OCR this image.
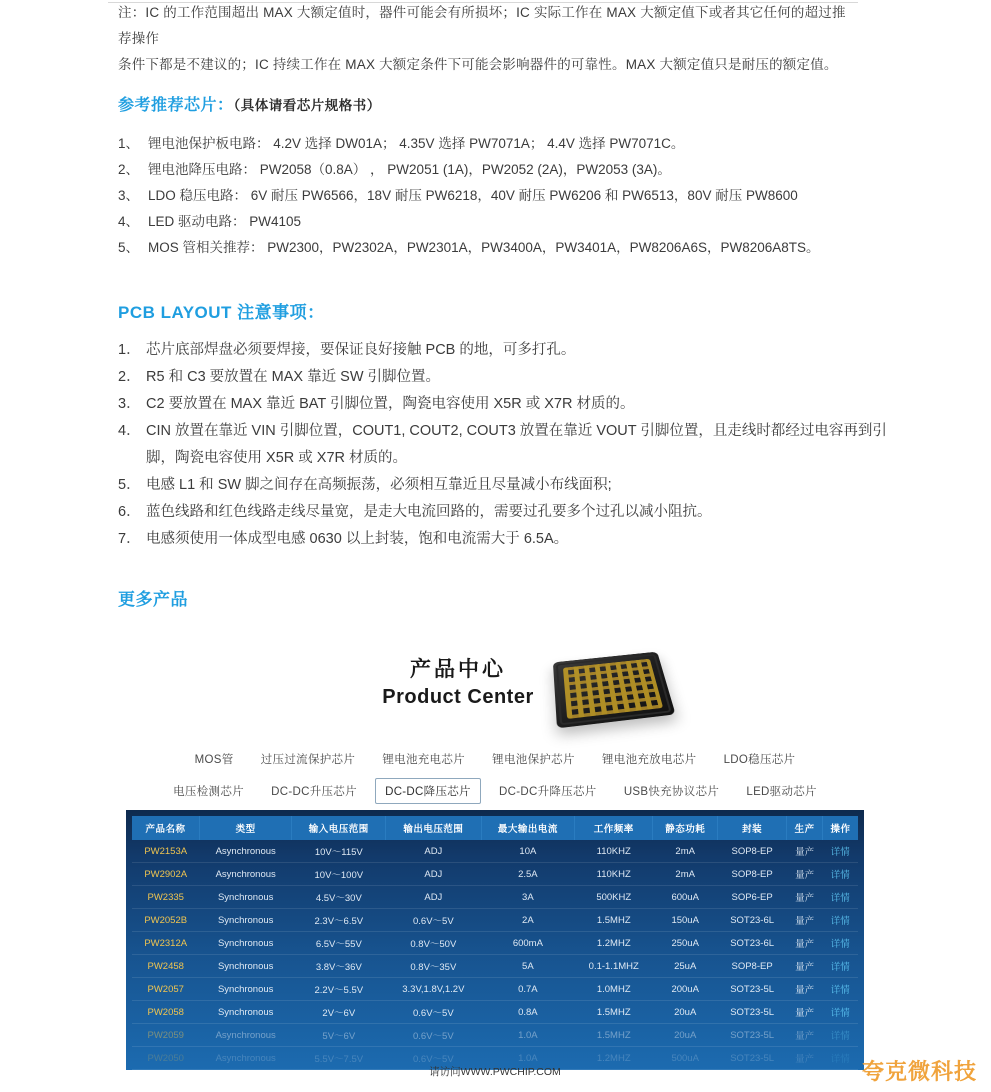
注：IC 的工作范围超出 MAX 大额定值时，器件可能会有所损坏；IC 实际工作在 MAX 大额定值下或者其它任何的超过推荐操作
条件下都是不建议的；IC 持续工作在 MAX 大额定条件下可能会影响器件的可靠性。MAX 大额定值只是耐压的额定值。
参考推荐芯片：（具体请看芯片规格书）
1、 锂电池保护板电路： 4.2V 选择 DW01A； 4.35V 选择 PW7071A； 4.4V 选择 PW7071C。
2、 锂电池降压电路： PW2058（0.8A） ， PW2051 (1A)，PW2052 (2A)，PW2053 (3A)。
3、 LDO 稳压电路： 6V 耐压 PW6566，18V 耐压 PW6218，40V 耐压 PW6206 和 PW6513，80V 耐压 PW8600
4、 LED 驱动电路： PW4105
5、 MOS 管相关推荐： PW2300，PW2302A，PW2301A，PW3400A，PW3401A，PW8206A6S，PW8206A8TS。
PCB LAYOUT 注意事项：
1． 芯片底部焊盘必须要焊接，要保证良好接触 PCB 的地，可多打孔。
2． R5 和 C3 要放置在 MAX 靠近 SW 引脚位置。
3． C2 要放置在 MAX 靠近 BAT 引脚位置，陶瓷电容使用 X5R 或 X7R 材质的。
4． CIN 放置在靠近 VIN 引脚位置，COUT1, COUT2, COUT3 放置在靠近 VOUT 引脚位置，且走线时都经过电容再到引脚，陶瓷电容使用 X5R 或 X7R 材质的。
5． 电感 L1 和 SW 脚之间存在高频振荡，必须相互靠近且尽量减小布线面积;
6． 蓝色线路和红色线路走线尽量宽，是走大电流回路的，需要过孔要多个过孔以减小阻抗。
7． 电感须使用一体成型电感 0630 以上封装，饱和电流需大于 6.5A。
更多产品
产品中心
Product Center
MOS管 过压过流保护芯片 锂电池充电芯片 锂电池保护芯片 锂电池充放电芯片 LDO稳压芯片
电压检测芯片 DC-DC升压芯片 DC-DC降压芯片 DC-DC升降压芯片 USB快充协议芯片 LED驱动芯片
产品名称	类型	输入电压范围	输出电压范围	最大输出电流	工作频率	静态功耗	封装	生产	操作
PW2153A	Asynchronous	10V～115V	ADJ	10A	110KHZ	2mA	SOP8-EP	量产	详情
PW2902A	Asynchronous	10V～100V	ADJ	2.5A	110KHZ	2mA	SOP8-EP	量产	详情
PW2335	Synchronous	4.5V～30V	ADJ	3A	500KHZ	600uA	SOP6-EP	量产	详情
PW2052B	Synchronous	2.3V～6.5V	0.6V～5V	2A	1.5MHZ	150uA	SOT23-6L	量产	详情
PW2312A	Synchronous	6.5V～55V	0.8V～50V	600mA	1.2MHZ	250uA	SOT23-6L	量产	详情
PW2458	Synchronous	3.8V～36V	0.8V～35V	5A	0.1-1.1MHZ	25uA	SOP8-EP	量产	详情
PW2057	Synchronous	2.2V～5.5V	3.3V,1.8V,1.2V	0.7A	1.0MHZ	200uA	SOT23-5L	量产	详情
PW2058	Synchronous	2V～6V	0.6V～5V	0.8A	1.5MHZ	20uA	SOT23-5L	量产	详情
PW2059	Asynchronous	5V～6V	0.6V～5V	1.0A	1.5MHZ	20uA	SOT23-5L	量产	详情
PW2050	Asynchronous	5.5V～7.5V	0.6V～5V	1.0A	1.2MHZ	500uA	SOT23-5L	量产	详情
请访问WWW.PWCHIP.COM	夸克微科技
